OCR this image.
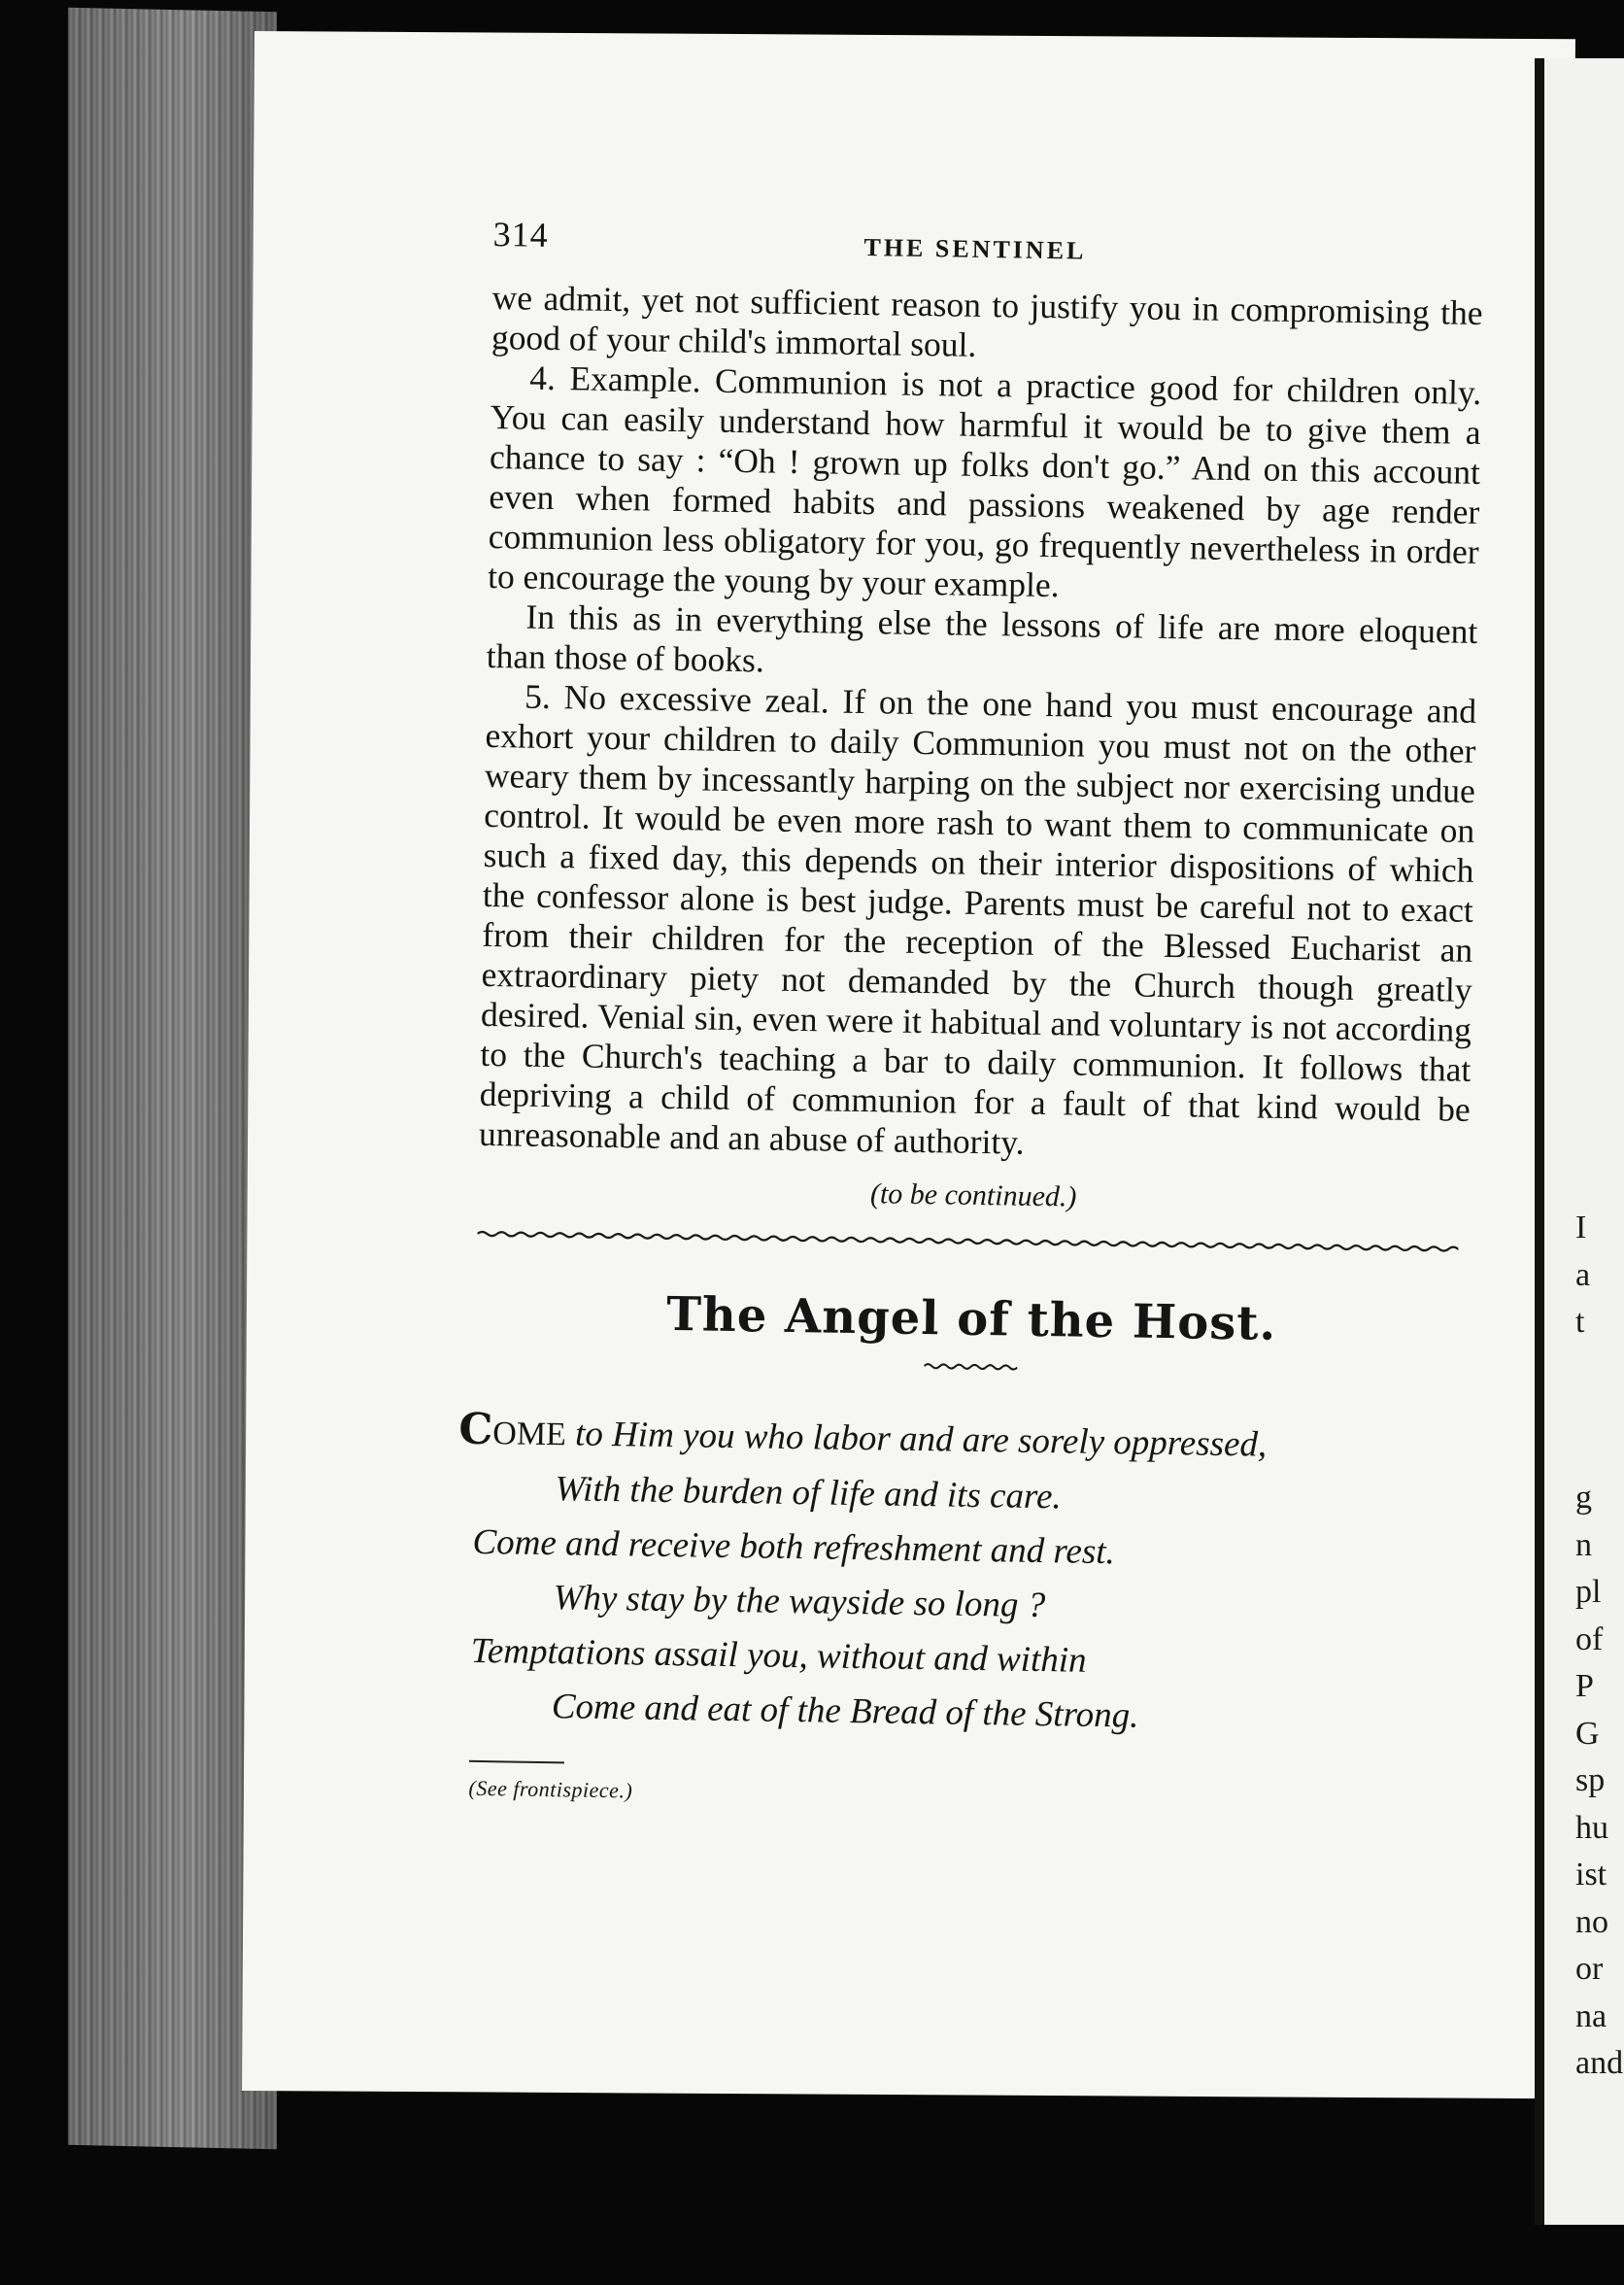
I
a
t
g
n
pl
of
P
G
sp
hu
ist
no
or
na
and
314	THE SENTINEL

we admit, yet not sufficient reason to justify you in compromising the good of your child's immortal soul.

4. Example. Communion is not a practice good for children only. You can easily understand how harmful it would be to give them a chance to say : “Oh ! grown up folks don't go.” And on this account even when formed habits and passions weakened by age render communion less obligatory for you, go frequently nevertheless in order to encourage the young by your example.

In this as in everything else the lessons of life are more eloquent than those of books.

5. No excessive zeal. If on the one hand you must encourage and exhort your children to daily Communion you must not on the other weary them by incessantly harping on the subject nor exercising undue control. It would be even more rash to want them to communicate on such a fixed day, this depends on their interior dispositions of which the confessor alone is best judge. Parents must be careful not to exact from their children for the reception of the Blessed Eucharist an extraordinary piety not demanded by the Church though greatly desired. Venial sin, even were it habitual and voluntary is not according to the Church's teaching a bar to daily communion. It follows that depriving a child of communion for a fault of that kind would be unreasonable and an abuse of authority.

(to be continued.)
The Angel of the Host.
COME to Him you who labor and are sorely oppressed,
With the burden of life and its care.
Come and receive both refreshment and rest.
Why stay by the wayside so long ?
Temptations assail you, without and within
Come and eat of the Bread of the Strong.
(See frontispiece.)
